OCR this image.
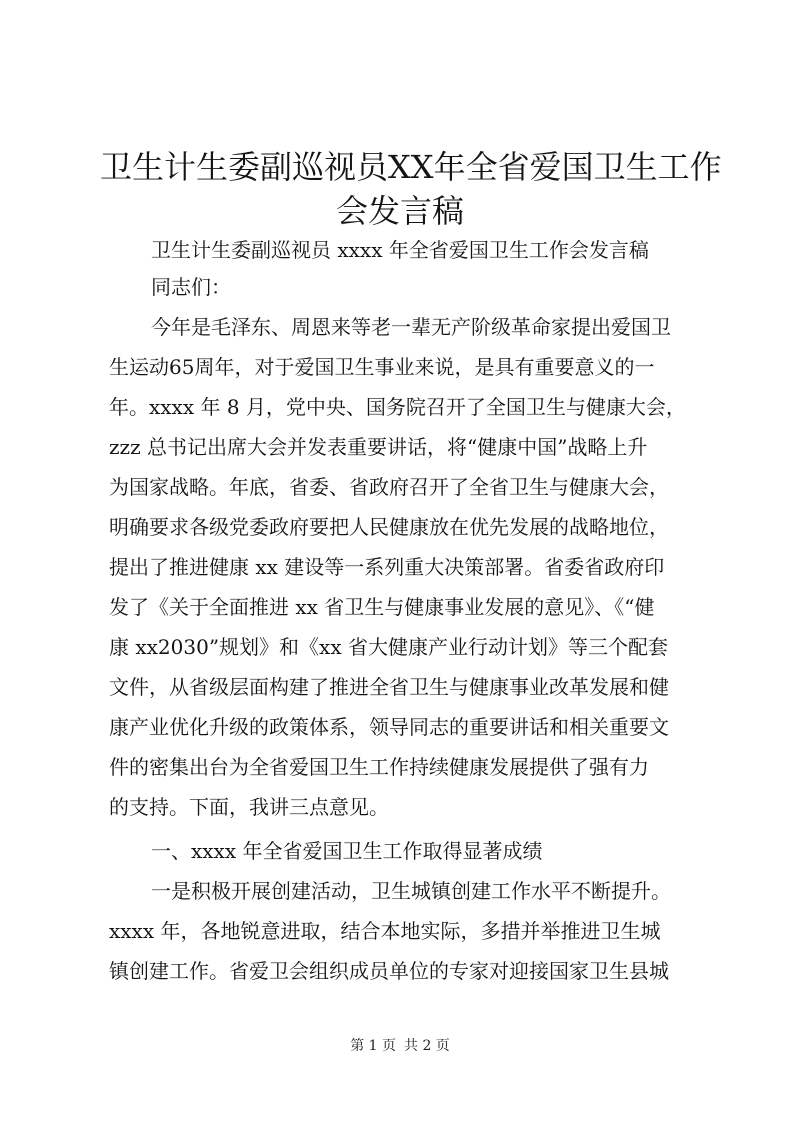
卫生计生委副巡视员XX年全省爱国卫生工作
会发言稿
卫生计生委副巡视员 xxxx 年全省爱国卫生工作会发言稿
同志们：
今年是毛泽东、周恩来等老一辈无产阶级革命家提出爱国卫
生运动65周年，对于爱国卫生事业来说，是具有重要意义的一
年。xxxx 年 8 月，党中央、国务院召开了全国卫生与健康大会，
zzz 总书记出席大会并发表重要讲话，将“健康中国”战略上升
为国家战略。年底，省委、省政府召开了全省卫生与健康大会，
明确要求各级党委政府要把人民健康放在优先发展的战略地位，
提出了推进健康 xx 建设等一系列重大决策部署。省委省政府印
发了《关于全面推进 xx 省卫生与健康事业发展的意见》、《“健
康 xx2030”规划》和《xx 省大健康产业行动计划》等三个配套
文件，从省级层面构建了推进全省卫生与健康事业改革发展和健
康产业优化升级的政策体系，领导同志的重要讲话和相关重要文
件的密集出台为全省爱国卫生工作持续健康发展提供了强有力
的支持。下面，我讲三点意见。
一、xxxx 年全省爱国卫生工作取得显著成绩
一是积极开展创建活动，卫生城镇创建工作水平不断提升。
xxxx 年，各地锐意进取，结合本地实际，多措并举推进卫生城
镇创建工作。省爱卫会组织成员单位的专家对迎接国家卫生县城
第 1 页 共 2 页
